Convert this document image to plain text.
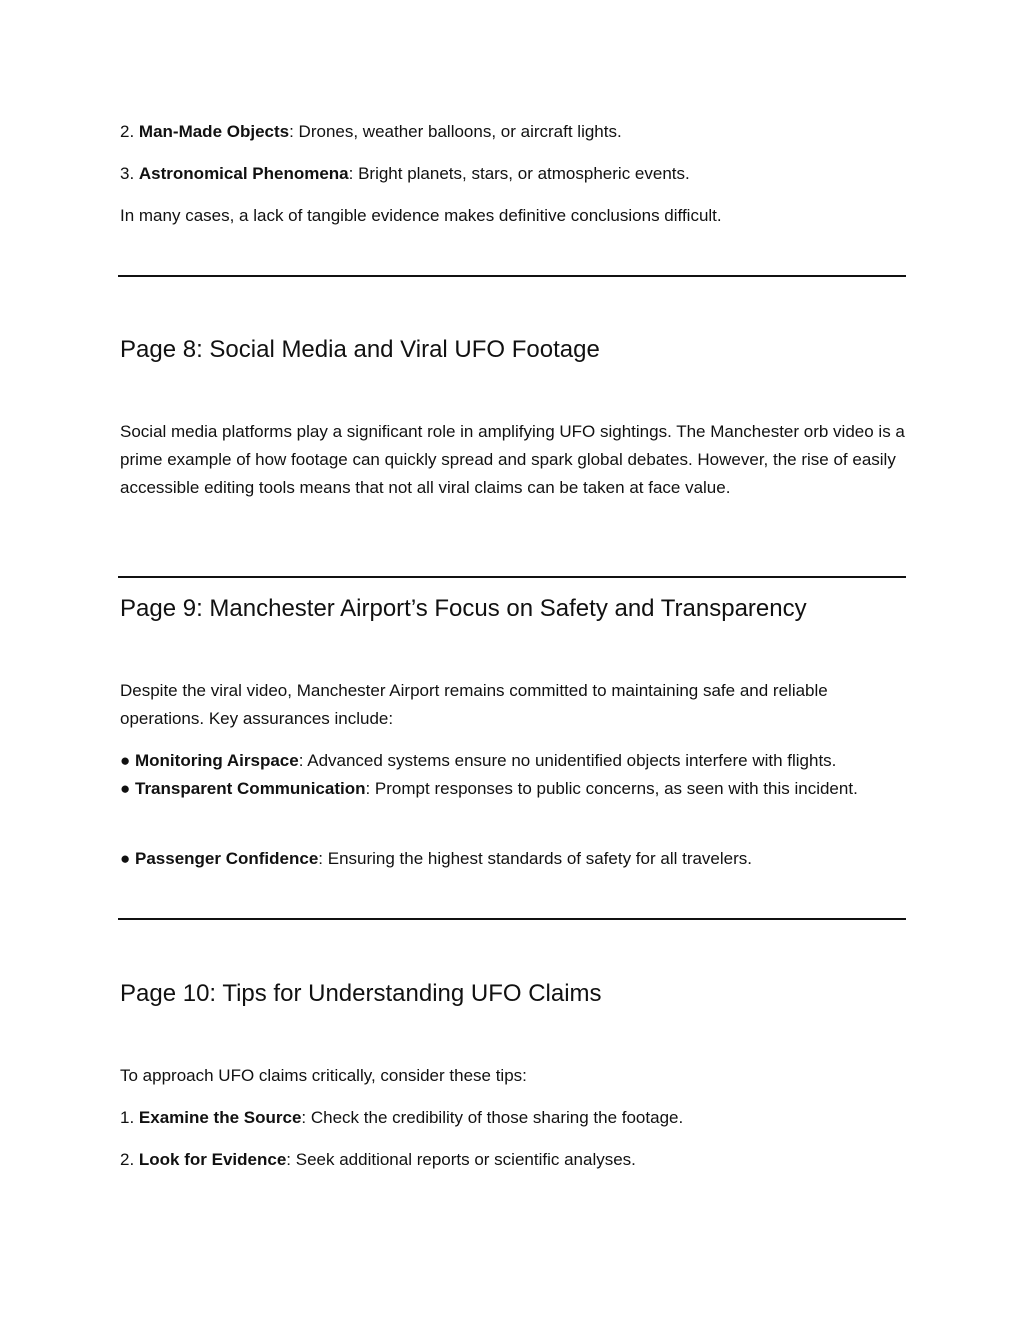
2. Man-Made Objects: Drones, weather balloons, or aircraft lights.

3. Astronomical Phenomena: Bright planets, stars, or atmospheric events.

In many cases, a lack of tangible evidence makes definitive conclusions difficult.

Page 8: Social Media and Viral UFO Footage

Social media platforms play a significant role in amplifying UFO sightings. The Manchester orb video is a prime example of how footage can quickly spread and spark global debates. However, the rise of easily accessible editing tools means that not all viral claims can be taken at face value.

Page 9: Manchester Airport’s Focus on Safety and Transparency

Despite the viral video, Manchester Airport remains committed to maintaining safe and reliable operations. Key assurances include:

● Monitoring Airspace: Advanced systems ensure no unidentified objects interfere with flights.

● Transparent Communication: Prompt responses to public concerns, as seen with this incident.

● Passenger Confidence: Ensuring the highest standards of safety for all travelers.

Page 10: Tips for Understanding UFO Claims

To approach UFO claims critically, consider these tips:

1. Examine the Source: Check the credibility of those sharing the footage.

2. Look for Evidence: Seek additional reports or scientific analyses.
